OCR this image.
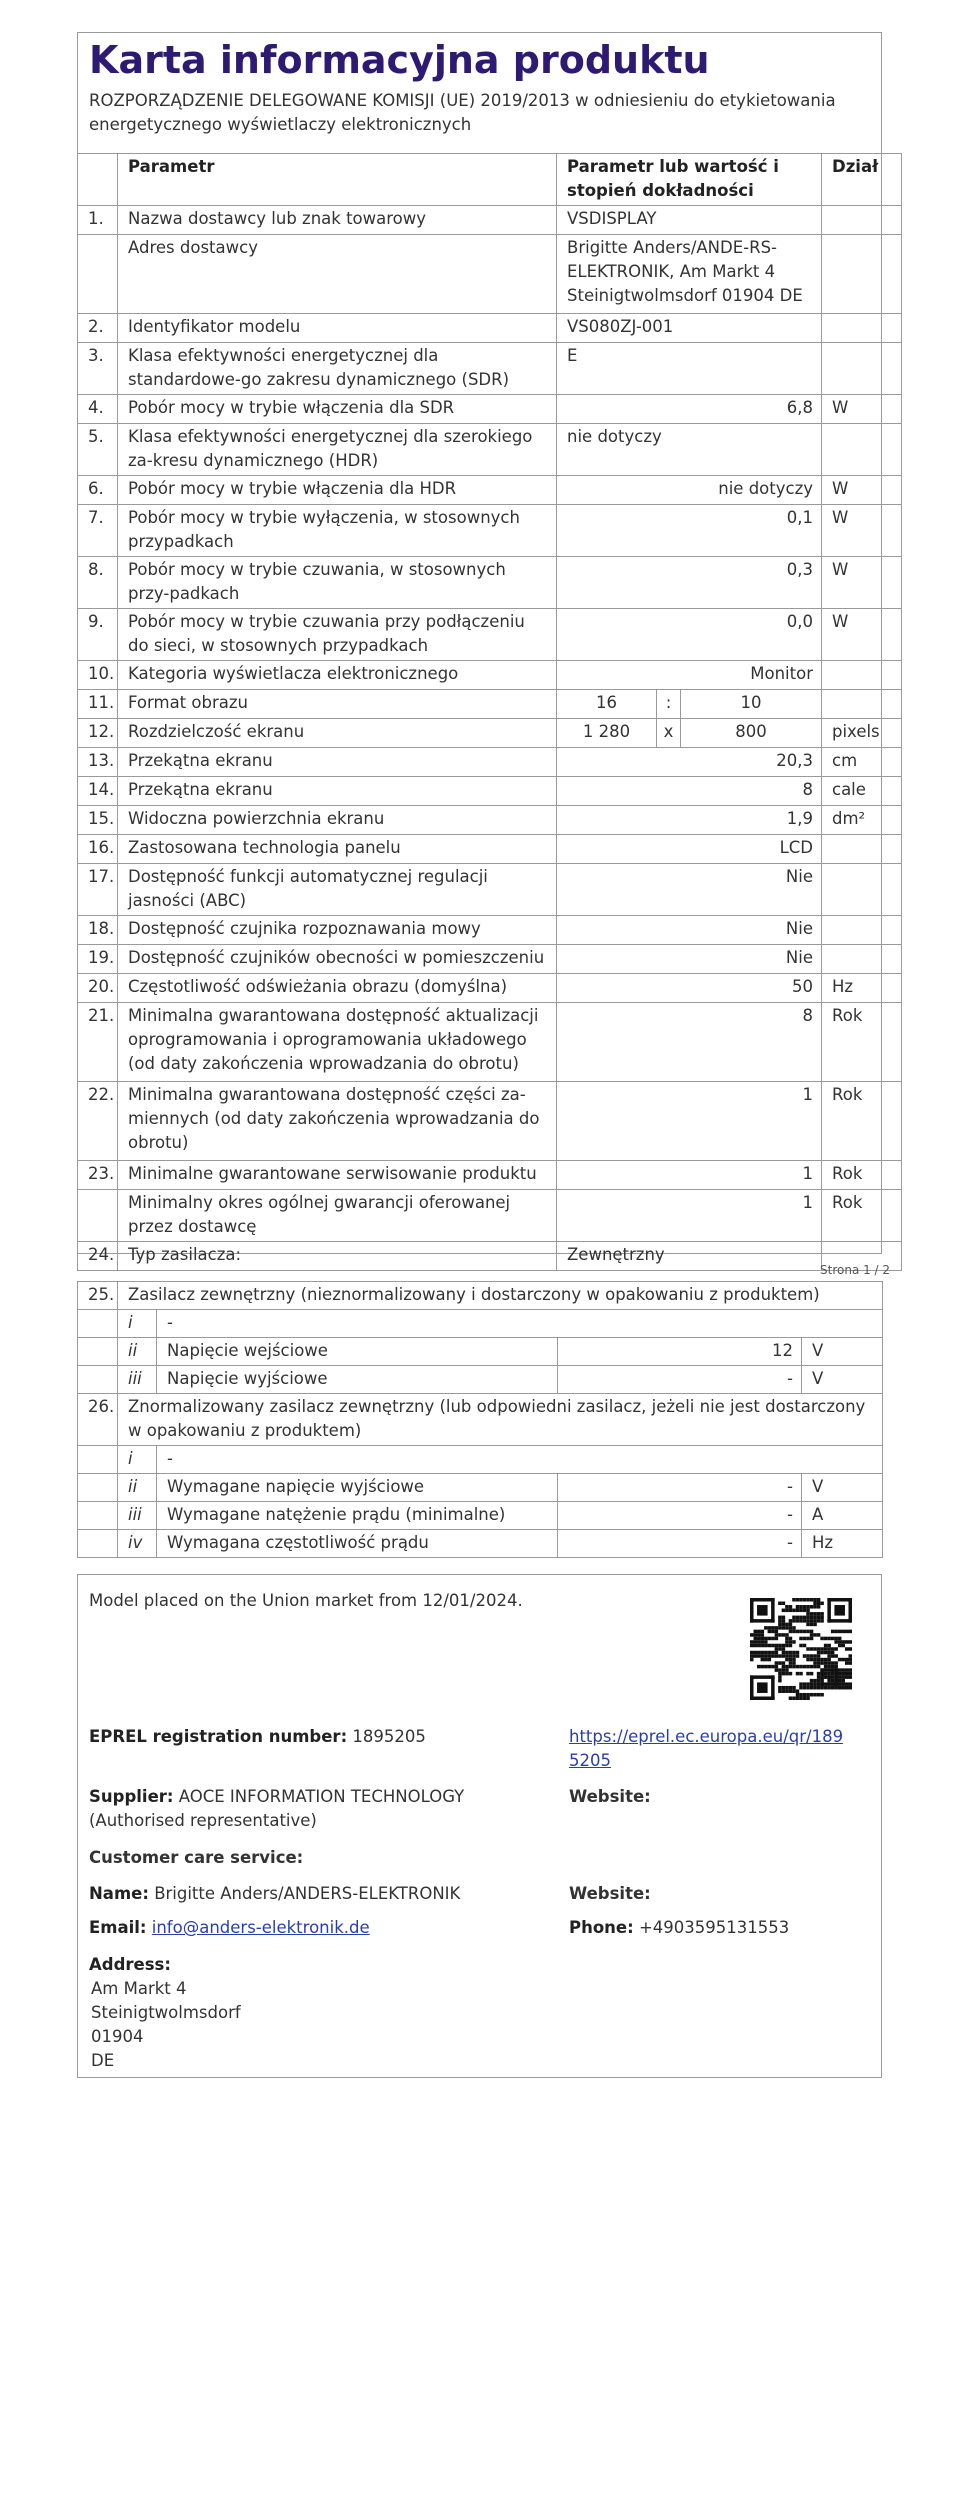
Karta informacyjna produktu
ROZPORZĄDZENIE DELEGOWANE KOMISJI (UE) 2019/2013 w odniesieniu do etykietowania energetycznego wyświetlaczy elektronicznych
	Parametr	Parametr lub wartość i stopień dokładności			Dział
1.	Nazwa dostawcy lub znak towarowy	VSDISPLAY			
	Adres dostawcy	Brigitte Anders/ANDE-RS-ELEKTRONIK, Am Markt 4 Steinigtwolmsdorf 01904 DE			
2.	Identyfikator modelu	VS080ZJ-001			
3.	Klasa efektywności energetycznej dla standardowe-go zakresu dynamicznego (SDR)	E			
4.	Pobór mocy w trybie włączenia dla SDR	6,8			W
5.	Klasa efektywności energetycznej dla szerokiego za-kresu dynamicznego (HDR)	nie dotyczy			
6.	Pobór mocy w trybie włączenia dla HDR	nie dotyczy			W
7.	Pobór mocy w trybie wyłączenia, w stosownych przypadkach	0,1			W
8.	Pobór mocy w trybie czuwania, w stosownych przy-padkach	0,3			W
9.	Pobór mocy w trybie czuwania przy podłączeniu do sieci, w stosownych przypadkach	0,0			W
10.	Kategoria wyświetlacza elektronicznego	Monitor			
11.	Format obrazu	16	:	10	
12.	Rozdzielczość ekranu	1 280	x	800	pixels
13.	Przekątna ekranu	20,3			cm
14.	Przekątna ekranu	8			cale
15.	Widoczna powierzchnia ekranu	1,9			dm²
16.	Zastosowana technologia panelu	LCD			
17.	Dostępność funkcji automatycznej regulacji jasności (ABC)	Nie			
18.	Dostępność czujnika rozpoznawania mowy	Nie			
19.	Dostępność czujników obecności w pomieszczeniu	Nie			
20.	Częstotliwość odświeżania obrazu (domyślna)	50			Hz
21.	Minimalna gwarantowana dostępność aktualizacji oprogramowania i oprogramowania układowego (od daty zakończenia wprowadzania do obrotu)	8			Rok
22.	Minimalna gwarantowana dostępność części za-miennych (od daty zakończenia wprowadzania do obrotu)	1			Rok
23.	Minimalne gwarantowane serwisowanie produktu	1			Rok
	Minimalny okres ogólnej gwarancji oferowanej przez dostawcę	1			Rok
24.	Typ zasilacza:	Zewnętrzny			
Strona 1 / 2
25.	Zasilacz zewnętrzny (nieznormalizowany i dostarczony w opakowaniu z produktem)			
	i	-		
	ii	Napięcie wejściowe	12	V
	iii	Napięcie wyjściowe	-	V
26.	Znormalizowany zasilacz zewnętrzny (lub odpowiedni zasilacz, jeżeli nie jest dostarczony w opakowaniu z produktem)			
	i	-		
	ii	Wymagane napięcie wyjściowe	-	V
	iii	Wymagane natężenie prądu (minimalne)	-	A
	iv	Wymagana częstotliwość prądu	-	Hz
Model placed on the Union market from 12/01/2024.
EPREL registration number: 1895205	https://eprel.ec.europa.eu/qr/1895205
Supplier: AOCE INFORMATION TECHNOLOGY (Authorised representative)
Website:
Customer care service:
Name: Brigitte Anders/ANDERS-ELEKTRONIK	Website:
Email: info@anders-elektronik.de	Phone: +4903595131553
Address:
Am Markt 4
Steinigtwolmsdorf
01904
DE
